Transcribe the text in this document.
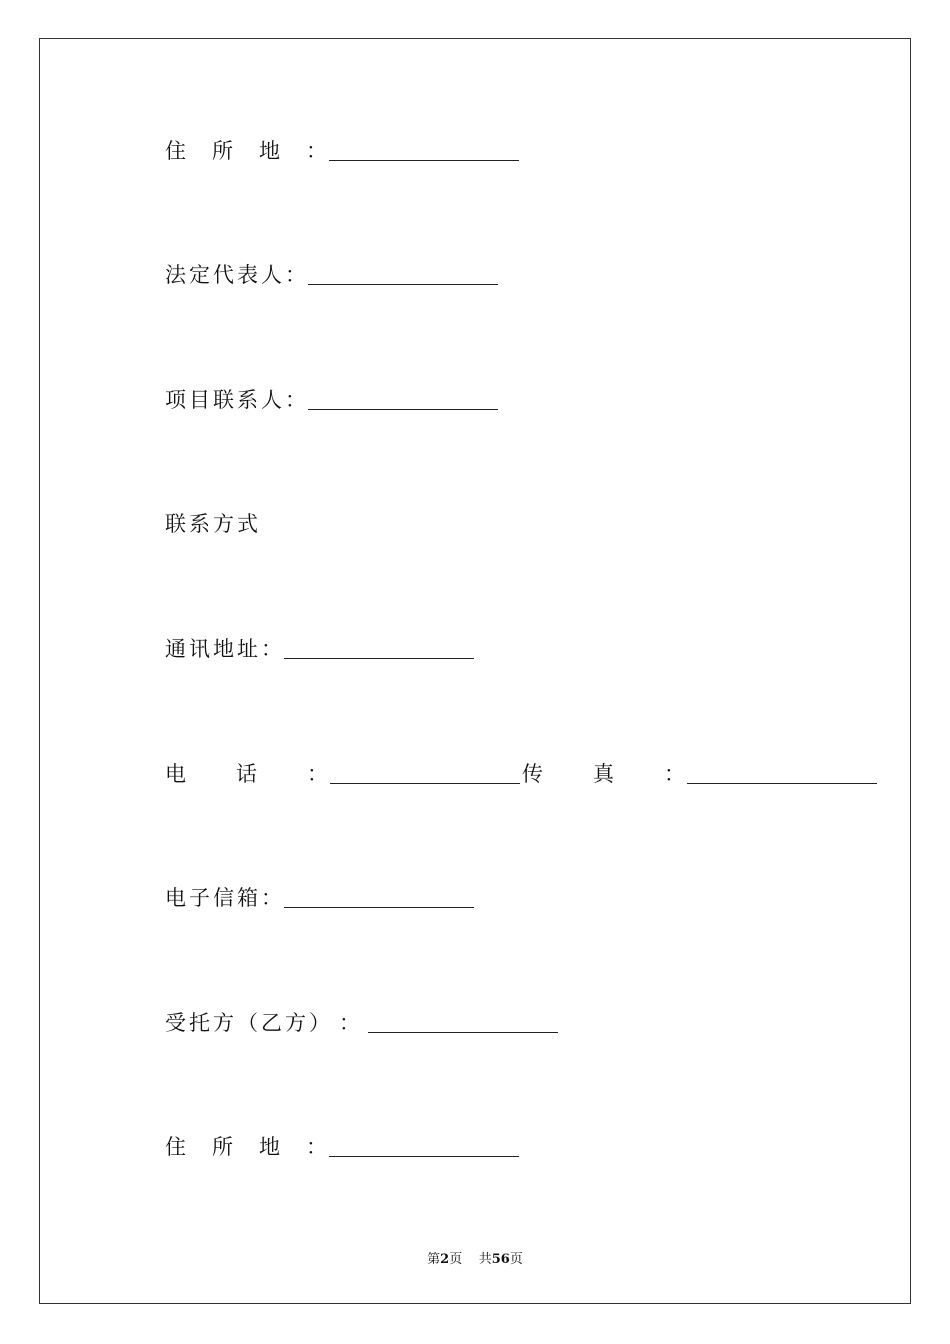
住所地 ：
法定代表人 ：
项目联系人 ：
联系方式
通讯地址 ：
电话 ：	传真 ：
电子信箱 ：
受托方（乙方） ：
住所地 ：
第2页 共56页
